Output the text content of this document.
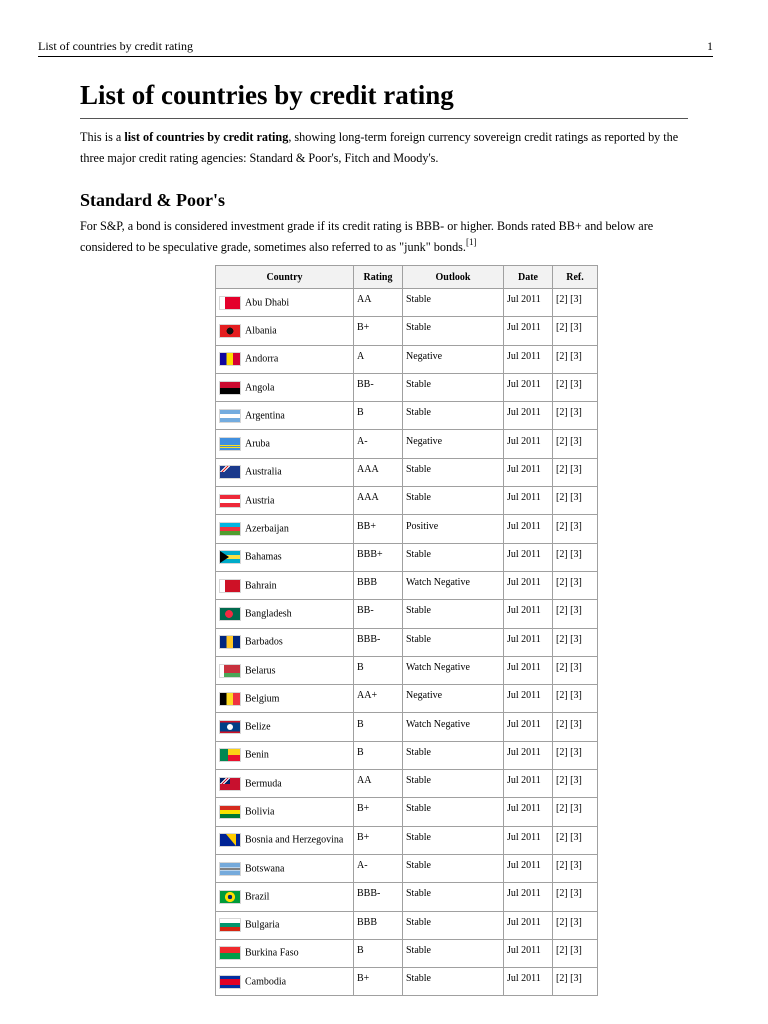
List of countries by credit rating	1
List of countries by credit rating

This is a list of countries by credit rating, showing long-term foreign currency sovereign credit ratings as reported by the three major credit rating agencies: Standard & Poor's, Fitch and Moody's.

Standard & Poor's

For S&P, a bond is considered investment grade if its credit rating is BBB- or higher. Bonds rated BB+ and below are considered to be speculative grade, sometimes also referred to as "junk" bonds.[1]

Country	Rating	Outlook	Date	Ref.
Abu Dhabi	AA	Stable	Jul 2011	[2] [3]
Albania	B+	Stable	Jul 2011	[2] [3]
Andorra	A	Negative	Jul 2011	[2] [3]
Angola	BB-	Stable	Jul 2011	[2] [3]
Argentina	B	Stable	Jul 2011	[2] [3]
Aruba	A-	Negative	Jul 2011	[2] [3]
Australia	AAA	Stable	Jul 2011	[2] [3]
Austria	AAA	Stable	Jul 2011	[2] [3]
Azerbaijan	BB+	Positive	Jul 2011	[2] [3]
Bahamas	BBB+	Stable	Jul 2011	[2] [3]
Bahrain	BBB	Watch Negative	Jul 2011	[2] [3]
Bangladesh	BB-	Stable	Jul 2011	[2] [3]
Barbados	BBB-	Stable	Jul 2011	[2] [3]
Belarus	B	Watch Negative	Jul 2011	[2] [3]
Belgium	AA+	Negative	Jul 2011	[2] [3]
Belize	B	Watch Negative	Jul 2011	[2] [3]
Benin	B	Stable	Jul 2011	[2] [3]
Bermuda	AA	Stable	Jul 2011	[2] [3]
Bolivia	B+	Stable	Jul 2011	[2] [3]
Bosnia and Herzegovina	B+	Stable	Jul 2011	[2] [3]
Botswana	A-	Stable	Jul 2011	[2] [3]
Brazil	BBB-	Stable	Jul 2011	[2] [3]
Bulgaria	BBB	Stable	Jul 2011	[2] [3]
Burkina Faso	B	Stable	Jul 2011	[2] [3]
Cambodia	B+	Stable	Jul 2011	[2] [3]
